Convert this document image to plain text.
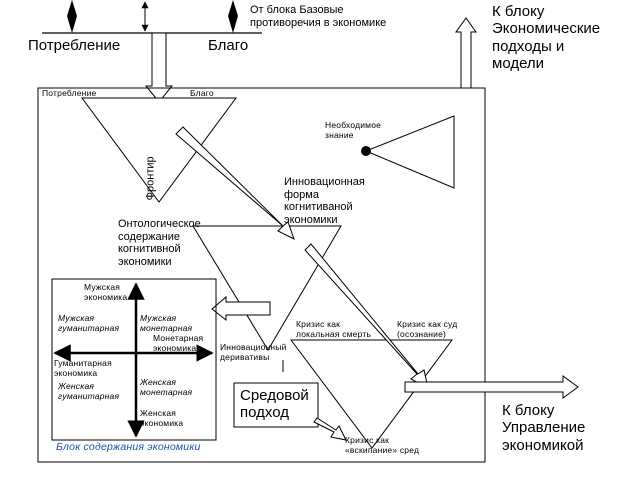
Потребление	Благо
От блока Базовые противоречия в экономике
К блоку Экономические подходы и модели
К блоку Управление экономикой
Потребление	Благо
Фронтир
Необходимое знание
Инновационная форма когнитиваной экономики
Онтологическое содержание когнитивной экономики
Инновационный деривативы
Кризис как локальная смерть
Кризис как суд (осознание)
Кризис как «вскипание» сред
Средовой подход
Мужская экономика
Мужская гуманитарная
Мужская монетарная
Монетарная экономика
Гуманитарная экономика
Женская гуманитарная
Женская монетарная
Женская экономика
Блок содержания экономики
